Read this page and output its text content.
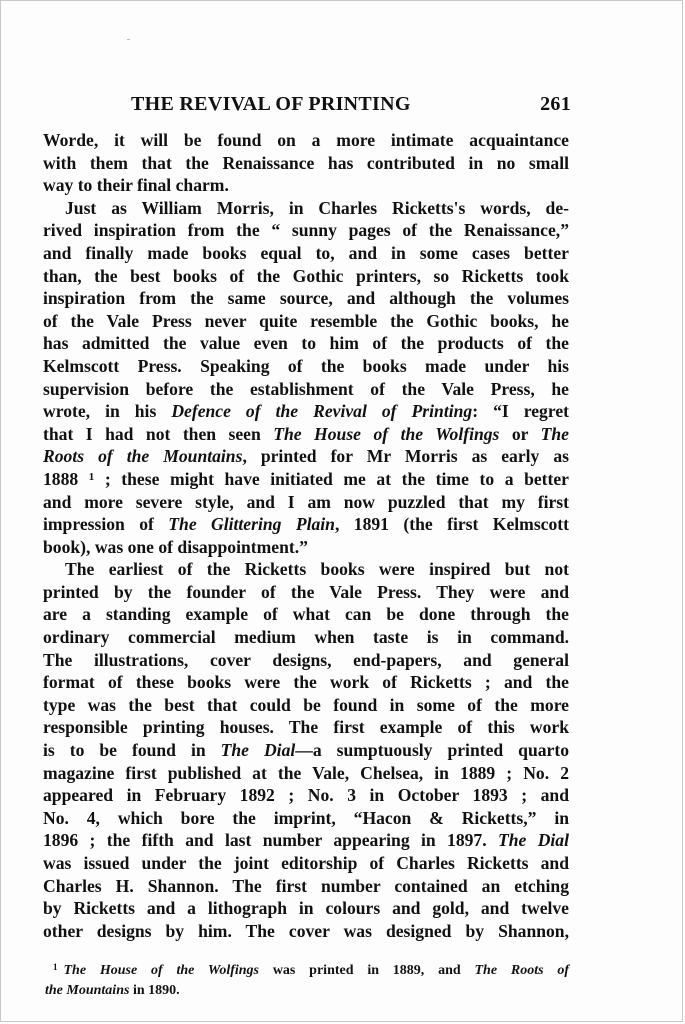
THE REVIVAL OF PRINTING	261
Worde, it will be found on a more intimate acquaintance
with them that the Renaissance has contributed in no small
way to their final charm.
Just as William Morris, in Charles Ricketts's words, de-
rived inspiration from the “ sunny pages of the Renaissance,”
and finally made books equal to, and in some cases better
than, the best books of the Gothic printers, so Ricketts took
inspiration from the same source, and although the volumes
of the Vale Press never quite resemble the Gothic books, he
has admitted the value even to him of the products of the
Kelmscott Press. Speaking of the books made under his
supervision before the establishment of the Vale Press, he
wrote, in his Defence of the Revival of Printing: “I regret
that I had not then seen The House of the Wolfings or The
Roots of the Mountains, printed for Mr Morris as early as
1888 $^1$ ; these might have initiated me at the time to a better
and more severe style, and I am now puzzled that my first
impression of The Glittering Plain, 1891 (the first Kelmscott
book), was one of disappointment.”
The earliest of the Ricketts books were inspired but not
printed by the founder of the Vale Press. They were and
are a standing example of what can be done through the
ordinary commercial medium when taste is in command.
The illustrations, cover designs, end-papers, and general
format of these books were the work of Ricketts ; and the
type was the best that could be found in some of the more
responsible printing houses. The first example of this work
is to be found in The Dial—a sumptuously printed quarto
magazine first published at the Vale, Chelsea, in 1889 ; No. 2
appeared in February 1892 ; No. 3 in October 1893 ; and
No. 4, which bore the imprint, “Hacon & Ricketts,” in
1896 ; the fifth and last number appearing in 1897. The Dial
was issued under the joint editorship of Charles Ricketts and
Charles H. Shannon. The first number contained an etching
by Ricketts and a lithograph in colours and gold, and twelve
other designs by him. The cover was designed by Shannon,
$^1$ The House of the Wolfings was printed in 1889, and The Roots of
the Mountains in 1890.
